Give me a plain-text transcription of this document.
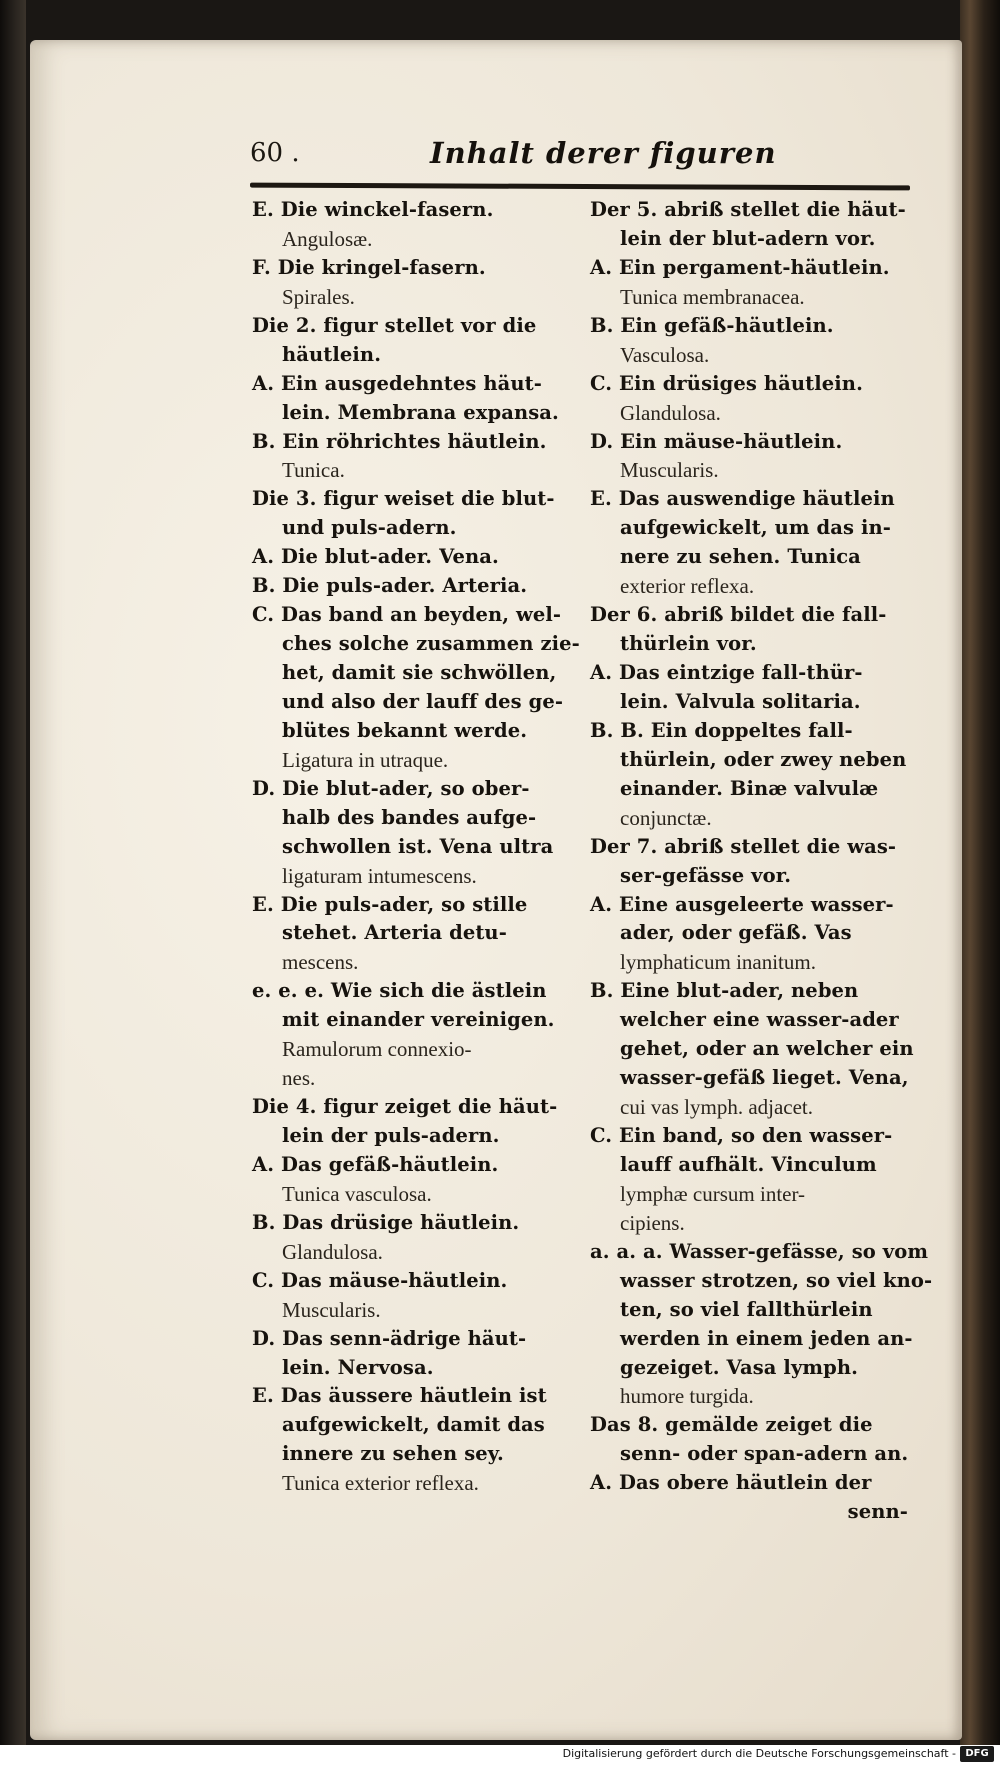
60 .	Inhalt derer figuren
E. Die winckel-fasern.
Angulosæ.
F. Die kringel-fasern.
Spirales.
Die 2. figur stellet vor die
häutlein.
A. Ein ausgedehntes häut-
lein. Membrana expansa.
B. Ein röhrichtes häutlein.
Tunica.
Die 3. figur weiset die blut-
und puls-adern.
A. Die blut-ader. Vena.
B. Die puls-ader. Arteria.
C. Das band an beyden, wel-
ches solche zusammen zie-
het, damit sie schwöllen,
und also der lauff des ge-
blütes bekannt werde.
Ligatura in utraque.
D. Die blut-ader, so ober-
halb des bandes aufge-
schwollen ist. Vena ultra
ligaturam intumescens.
E. Die puls-ader, so stille
stehet. Arteria detu-
mescens.
e. e. e. Wie sich die ästlein
mit einander vereinigen.
Ramulorum connexio-
nes.
Die 4. figur zeiget die häut-
lein der puls-adern.
A. Das gefäß-häutlein.
Tunica vasculosa.
B. Das drüsige häutlein.
Glandulosa.
C. Das mäuse-häutlein.
Muscularis.
D. Das senn-ädrige häut-
lein. Nervosa.
E. Das äussere häutlein ist
aufgewickelt, damit das
innere zu sehen sey.
Tunica exterior reflexa.
Der 5. abriß stellet die häut-
lein der blut-adern vor.
A. Ein pergament-häutlein.
Tunica membranacea.
B. Ein gefäß-häutlein.
Vasculosa.
C. Ein drüsiges häutlein.
Glandulosa.
D. Ein mäuse-häutlein.
Muscularis.
E. Das auswendige häutlein
aufgewickelt, um das in-
nere zu sehen. Tunica
exterior reflexa.
Der 6. abriß bildet die fall-
thürlein vor.
A. Das eintzige fall-thür-
lein. Valvula solitaria.
B. B. Ein doppeltes fall-
thürlein, oder zwey neben
einander. Binæ valvulæ
conjunctæ.
Der 7. abriß stellet die was-
ser-gefässe vor.
A. Eine ausgeleerte wasser-
ader, oder gefäß. Vas
lymphaticum inanitum.
B. Eine blut-ader, neben
welcher eine wasser-ader
gehet, oder an welcher ein
wasser-gefäß lieget. Vena,
cui vas lymph. adjacet.
C. Ein band, so den wasser-
lauff aufhält. Vinculum
lymphæ cursum inter-
cipiens.
a. a. a. Wasser-gefässe, so vom
wasser strotzen, so viel kno-
ten, so viel fallthürlein
werden in einem jeden an-
gezeiget. Vasa lymph.
humore turgida.
Das 8. gemälde zeiget die
senn- oder span-adern an.
A. Das obere häutlein der
senn-
Digitalisierung gefördert durch die Deutsche Forschungsgemeinschaft - DFG
